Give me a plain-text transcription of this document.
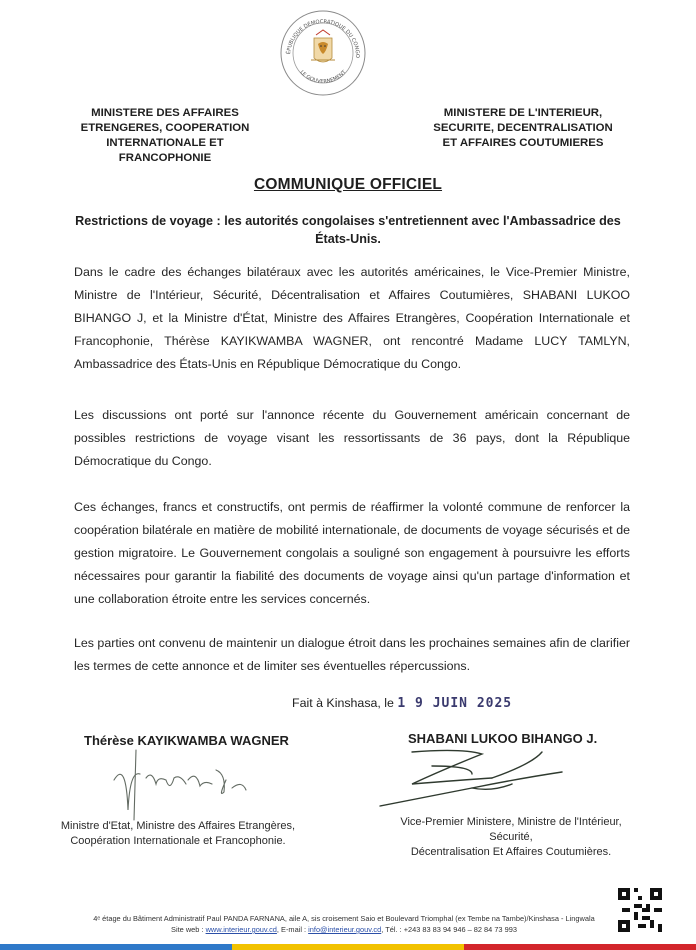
ÉPUBLIQUE DÉMOCRATIQUE DU CONGO
LE GOUVERNEMENT
MINISTERE DES AFFAIRES
ETRENGERES, COOPERATION
INTERNATIONALE ET
FRANCOPHONIE
MINISTERE DE L'INTERIEUR,
SECURITE, DECENTRALISATION
ET AFFAIRES COUTUMIERES
COMMUNIQUE OFFICIEL
Restrictions de voyage : les autorités congolaises s'entretiennent avec l'Ambassadrice des États-Unis.
Dans le cadre des échanges bilatéraux avec les autorités américaines, le Vice-Premier Ministre, Ministre de l'Intérieur, Sécurité, Décentralisation et Affaires Coutumières, SHABANI LUKOO BIHANGO J, et la Ministre d'État, Ministre des Affaires Etrangères, Coopération Internationale et Francophonie, Thérèse KAYIKWAMBA WAGNER, ont rencontré Madame LUCY TAMLYN, Ambassadrice des États-Unis en République Démocratique du Congo.
Les discussions ont porté sur l'annonce récente du Gouvernement américain concernant de possibles restrictions de voyage visant les ressortissants de 36 pays, dont la République Démocratique du Congo.
Ces échanges, francs et constructifs, ont permis de réaffirmer la volonté commune de renforcer la coopération bilatérale en matière de mobilité internationale, de documents de voyage sécurisés et de gestion migratoire. Le Gouvernement congolais a souligné son engagement à poursuivre les efforts nécessaires pour garantir la fiabilité des documents de voyage ainsi qu'un partage d'information et une collaboration étroite entre les services concernés.
Les parties ont convenu de maintenir un dialogue étroit dans les prochaines semaines afin de clarifier les termes de cette annonce et de limiter ses éventuelles répercussions.
Fait à Kinshasa, le 1 9 JUIN 2025
Thérèse KAYIKWAMBA WAGNER	SHABANI LUKOO BIHANGO J.
Ministre d'Etat, Ministre des Affaires Etrangères,
Coopération Internationale et Francophonie.
Vice-Premier Ministere, Ministre de l'Intérieur, Sécurité,
Décentralisation Et Affaires Coutumières.
4ᵉ étage du Bâtiment Administratif Paul PANDA FARNANA, aile A, sis croisement Saio et Boulevard Triomphal (ex Tembe na Tambe)/Kinshasa - Lingwala
Site web : www.interieur.gouv.cd, E-mail : info@interieur.gouv.cd, Tél. : +243 83 83 94 946 – 82 84 73 993
